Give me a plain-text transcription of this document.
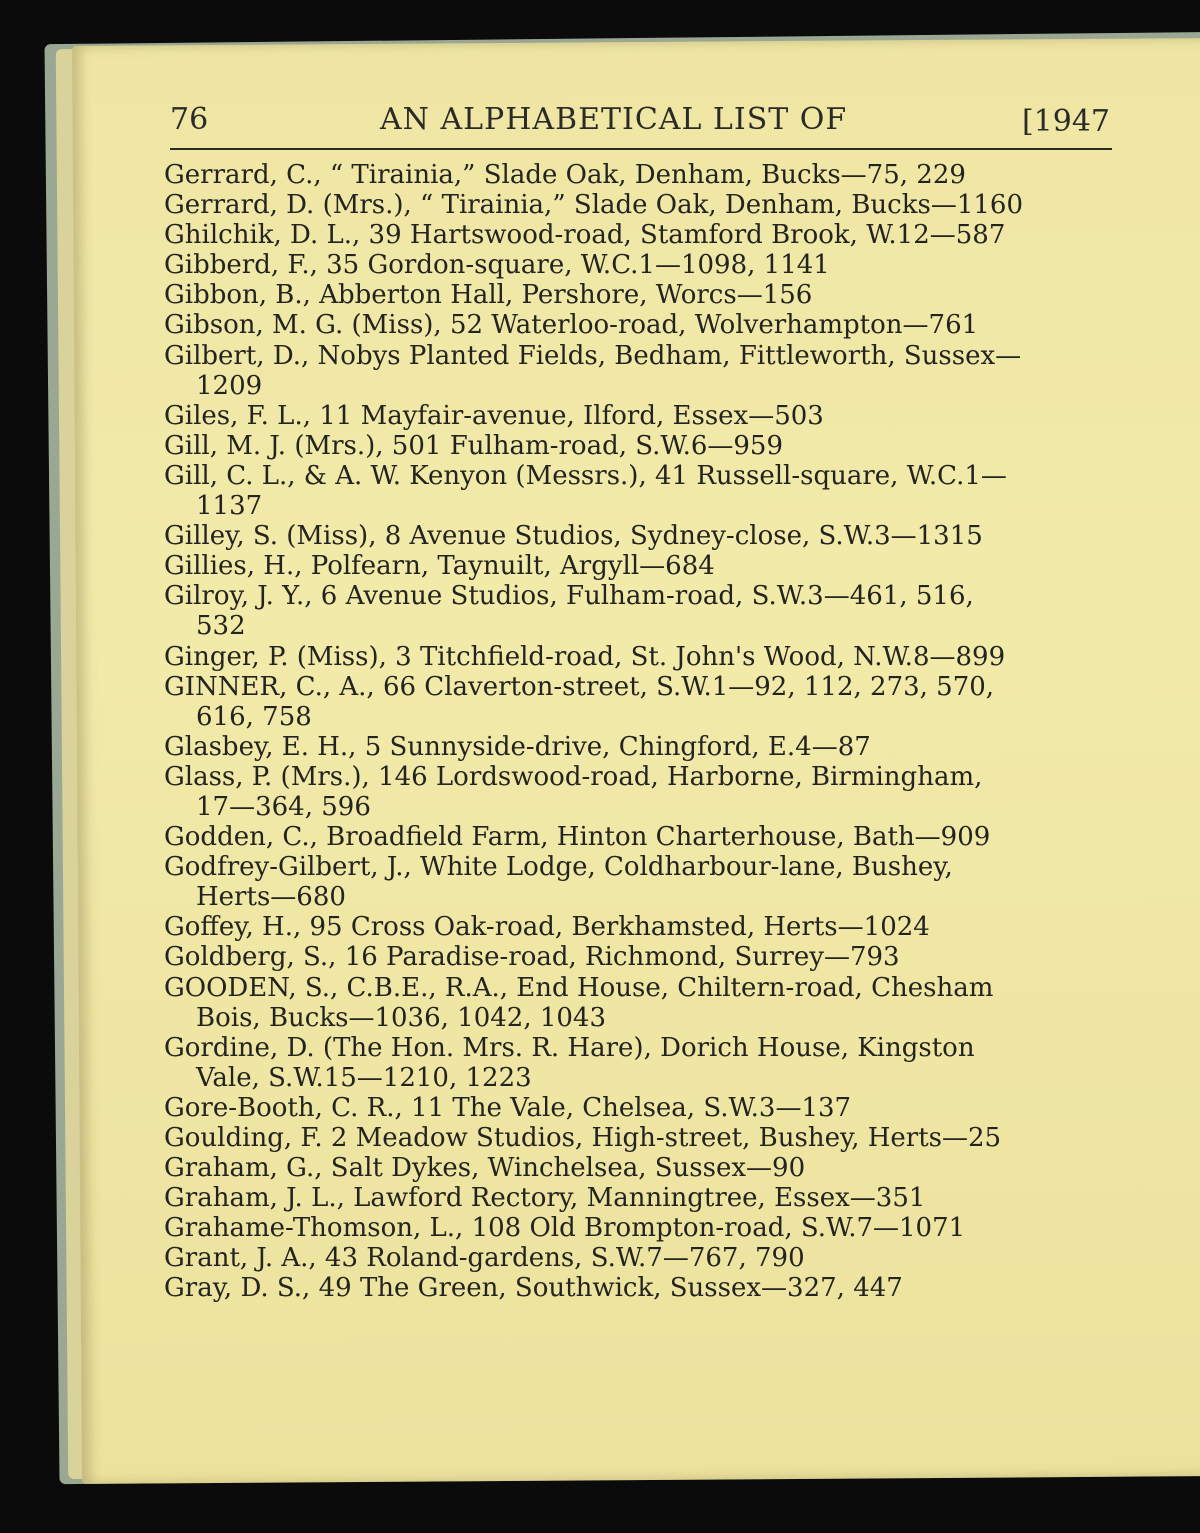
76	AN ALPHABETICAL LIST OF	[1947
Gerrard, C., “ Tirainia,” Slade Oak, Denham, Bucks—75, 229
Gerrard, D. (Mrs.), “ Tirainia,” Slade Oak, Denham, Bucks—1160
Ghilchik, D. L., 39 Hartswood-road, Stamford Brook, W.12—587
Gibberd, F., 35 Gordon-square, W.C.1—1098, 1141
Gibbon, B., Abberton Hall, Pershore, Worcs—156
Gibson, M. G. (Miss), 52 Waterloo-road, Wolverhampton—761
Gilbert, D., Nobys Planted Fields, Bedham, Fittleworth, Sussex—
1209
Giles, F. L., 11 Mayfair-avenue, Ilford, Essex—503
Gill, M. J. (Mrs.), 501 Fulham-road, S.W.6—959
Gill, C. L., & A. W. Kenyon (Messrs.), 41 Russell-square, W.C.1—
1137
Gilley, S. (Miss), 8 Avenue Studios, Sydney-close, S.W.3—1315
Gillies, H., Polfearn, Taynuilt, Argyll—684
Gilroy, J. Y., 6 Avenue Studios, Fulham-road, S.W.3—461, 516,
532
Ginger, P. (Miss), 3 Titchfield-road, St. John's Wood, N.W.8—899
GINNER, C., A., 66 Claverton-street, S.W.1—92, 112, 273, 570,
616, 758
Glasbey, E. H., 5 Sunnyside-drive, Chingford, E.4—87
Glass, P. (Mrs.), 146 Lordswood-road, Harborne, Birmingham,
17—364, 596
Godden, C., Broadfield Farm, Hinton Charterhouse, Bath—909
Godfrey-Gilbert, J., White Lodge, Coldharbour-lane, Bushey,
Herts—680
Goffey, H., 95 Cross Oak-road, Berkhamsted, Herts—1024
Goldberg, S., 16 Paradise-road, Richmond, Surrey—793
GOODEN, S., C.B.E., R.A., End House, Chiltern-road, Chesham
Bois, Bucks—1036, 1042, 1043
Gordine, D. (The Hon. Mrs. R. Hare), Dorich House, Kingston
Vale, S.W.15—1210, 1223
Gore-Booth, C. R., 11 The Vale, Chelsea, S.W.3—137
Goulding, F. 2 Meadow Studios, High-street, Bushey, Herts—25
Graham, G., Salt Dykes, Winchelsea, Sussex—90
Graham, J. L., Lawford Rectory, Manningtree, Essex—351
Grahame-Thomson, L., 108 Old Brompton-road, S.W.7—1071
Grant, J. A., 43 Roland-gardens, S.W.7—767, 790
Gray, D. S., 49 The Green, Southwick, Sussex—327, 447
